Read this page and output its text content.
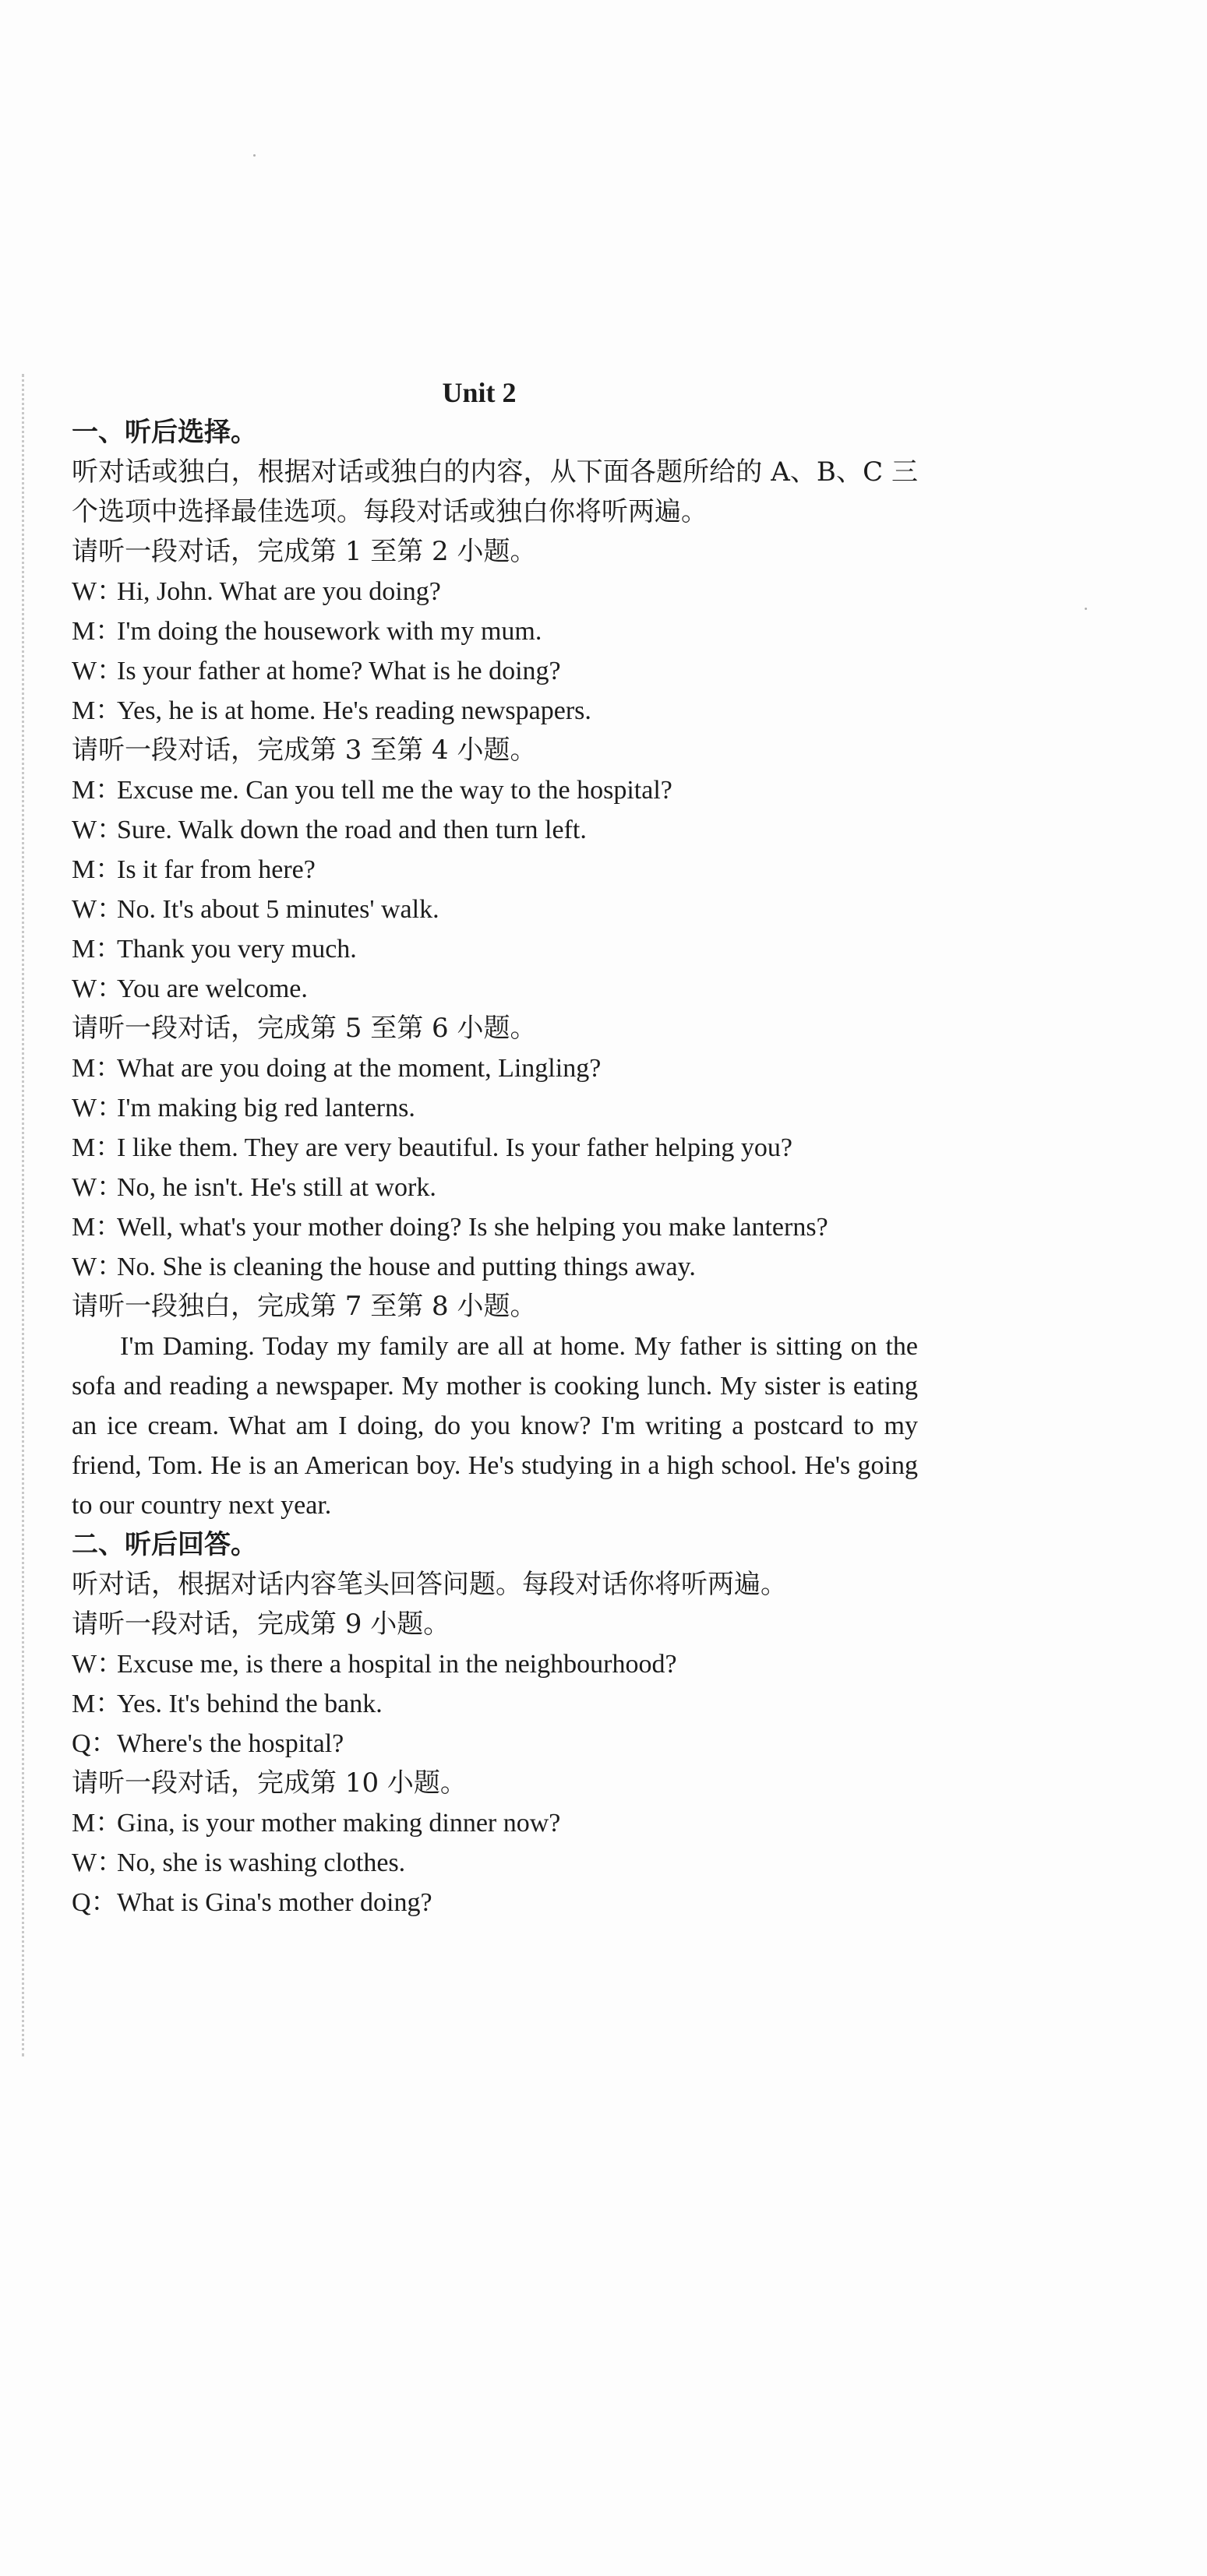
Unit 2
一、听后选择。
听对话或独白，根据对话或独白的内容，从下面各题所给的 A、B、C 三个选项中选择最佳选项。每段对话或独白你将听两遍。
请听一段对话，完成第 1 至第 2 小题。
W：
Hi, John. What are you doing?
M：
I'm doing the housework with my mum.
W：
Is your father at home? What is he doing?
M：
Yes, he is at home. He's reading newspapers.
请听一段对话，完成第 3 至第 4 小题。
M：
Excuse me. Can you tell me the way to the hospital?
W：
Sure. Walk down the road and then turn left.
M：
Is it far from here?
W：
No. It's about 5 minutes' walk.
M：
Thank you very much.
W：
You are welcome.
请听一段对话，完成第 5 至第 6 小题。
M：
What are you doing at the moment, Lingling?
W：
I'm making big red lanterns.
M：
I like them. They are very beautiful. Is your father helping you?
W：
No, he isn't. He's still at work.
M：
Well, what's your mother doing? Is she helping you make lanterns?
W：
No. She is cleaning the house and putting things away.
请听一段独白，完成第 7 至第 8 小题。
I'm Daming. Today my family are all at home. My father is sitting on the sofa and reading a newspaper. My mother is cooking lunch. My sister is eating an ice cream. What am I doing, do you know? I'm writing a postcard to my friend, Tom. He is an American boy. He's studying in a high school. He's going to our country next year.
二、听后回答。
听对话，根据对话内容笔头回答问题。每段对话你将听两遍。
请听一段对话，完成第 9 小题。
W：
Excuse me, is there a hospital in the neighbourhood?
M：
Yes. It's behind the bank.
Q： Where's the hospital?
请听一段对话，完成第 10 小题。
M：
Gina, is your mother making dinner now?
W：
No, she is washing clothes.
Q： What is Gina's mother doing?
